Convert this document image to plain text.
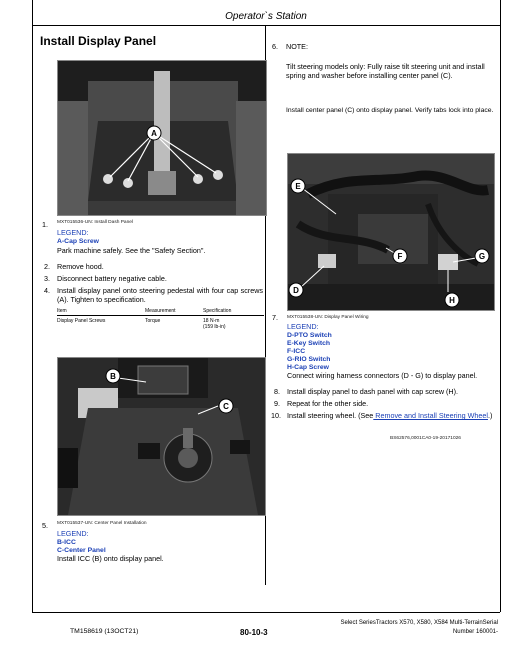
Operator`s Station
Install Display Panel
A
MXT015536-UN: Install Dash Panel
1.
LEGEND:
A-Cap Screw
Park machine safely. See the "Safety Section".
2. Remove hood.
3. Disconnect battery negative cable.
4. Install display panel onto steering pedestal with four cap screws (A). Tighten to specification.
Item	Measurement	Specification
Display Panel Screws	Torque	18 N·m
(159 lb-in)
B
C
MXT015537-UN: Center Panel Installation
5.
LEGEND:
B-ICC
C-Center Panel
Install ICC (B) onto display panel.
6. NOTE:
Tilt steering models only: Fully raise tilt steering unit and install spring and washer before installing center panel (C).
Install center panel (C) onto display panel. Verify tabs lock into place.
E
F	G
D
H
7. MXT015538-UN: Display Panel Wiring
LEGEND:
D-PTO Switch
E-Key Switch
F-ICC
G-RIO Switch
H-Cap Screw
Connect wiring harness connectors (D - G) to display panel.
8. Install display panel to dash panel with cap screw (H).
9. Repeat for the other side.
10. Install steering wheel. (See Remove and Install Steering Wheel.)
BS62576,0001CA0-19-20171026
TM158619 (13OCT21)	80-10-3
Select SeriesTractors X570, X580, X584 Multi-TerrainSerial
Number 160001-
